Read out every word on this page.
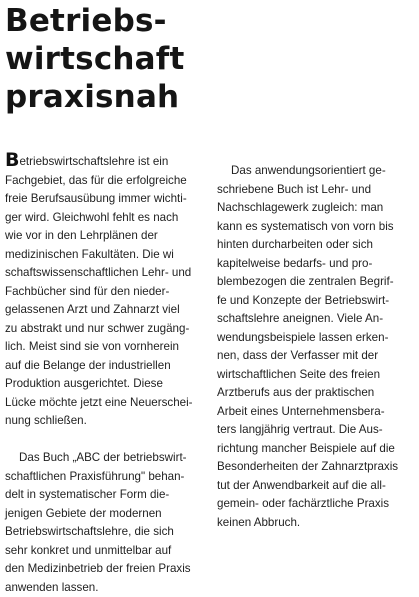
Betriebs-
wirtschaft
praxisnah
Betriebswirtschaftslehre ist ein
Fachgebiet, das für die erfolgreiche
freie Berufsausübung immer wichti-
ger wird. Gleichwohl fehlt es nach
wie vor in den Lehrplänen der
medizinischen Fakultäten. Die wi
schaftswissenschaftlichen Lehr- und
Fachbücher sind für den nieder-
gelassenen Arzt und Zahnarzt viel
zu abstrakt und nur schwer zugäng-
lich. Meist sind sie von vornherein
auf die Belange der industriellen
Produktion ausgerichtet. Diese
Lücke möchte jetzt eine Neuerschei-
nung schließen.
Das Buch „ABC der betriebswirt-
schaftlichen Praxisführung" behan-
delt in systematischer Form die-
jenigen Gebiete der modernen
Betriebswirtschaftslehre, die sich
sehr konkret und unmittelbar auf
den Medizinbetrieb der freien Praxis
anwenden lassen.
Das anwendungsorientiert ge-
schriebene Buch ist Lehr- und
Nachschlagewerk zugleich: man
kann es systematisch von vorn bis
hinten durcharbeiten oder sich
kapitelweise bedarfs- und pro-
blembezogen die zentralen Begrif-
fe und Konzepte der Betriebswirt-
schaftslehre aneignen. Viele An-
wendungsbeispiele lassen erken-
nen, dass der Verfasser mit der
wirtschaftlichen Seite des freien
Arztberufs aus der praktischen
Arbeit eines Unternehmensbera-
ters langjährig vertraut. Die Aus-
richtung mancher Beispiele auf die
Besonderheiten der Zahnarztpraxis
tut der Anwendbarkeit auf die all-
gemein- oder fachärztliche Praxis
keinen Abbruch.
